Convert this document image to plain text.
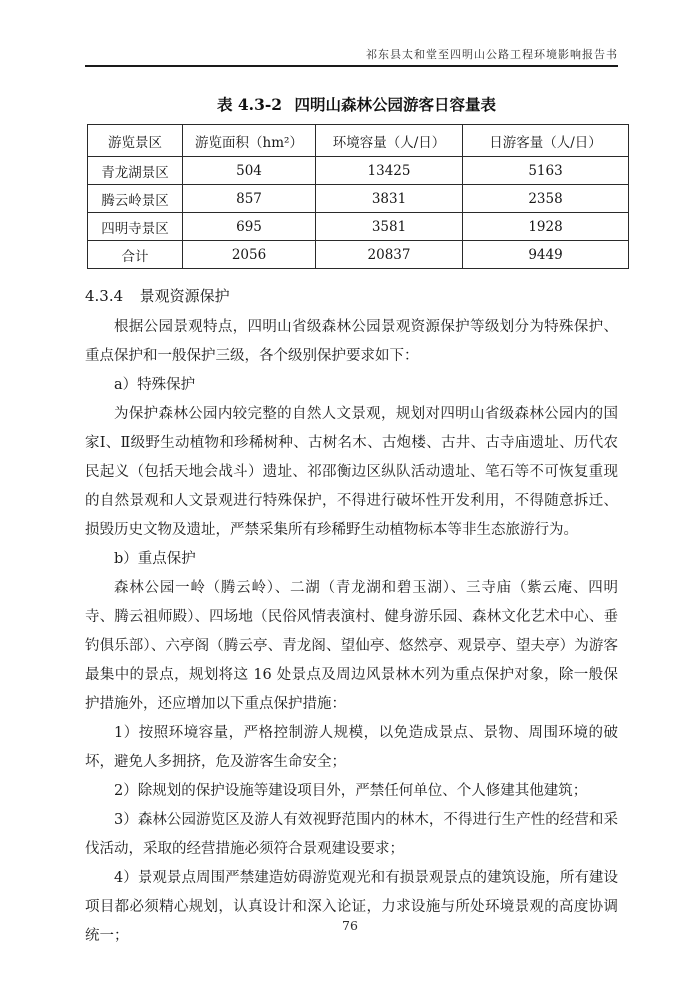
祁东县太和堂至四明山公路工程环境影响报告书
表 4.3-2 四明山森林公园游客日容量表
游览景区	游览面积（hm²）	环境容量（人/日）	日游客量（人/日）
青龙湖景区	504	13425	5163
腾云岭景区	857	3831	2358
四明寺景区	695	3581	1928
合计	2056	20837	9449
4.3.4 景观资源保护

根据公园景观特点，四明山省级森林公园景观资源保护等级划分为特殊保护、重点保护和一般保护三级，各个级别保护要求如下：

a）特殊保护

为保护森林公园内较完整的自然人文景观，规划对四明山省级森林公园内的国家Ⅰ、Ⅱ级野生动植物和珍稀树种、古树名木、古炮楼、古井、古寺庙遗址、历代农民起义（包括天地会战斗）遗址、祁邵衡边区纵队活动遗址、笔石等不可恢复重现的自然景观和人文景观进行特殊保护，不得进行破坏性开发利用，不得随意拆迁、损毁历史文物及遗址，严禁采集所有珍稀野生动植物标本等非生态旅游行为。

b）重点保护

森林公园一岭（腾云岭）、二湖（青龙湖和碧玉湖）、三寺庙（紫云庵、四明寺、腾云祖师殿）、四场地（民俗风情表演村、健身游乐园、森林文化艺术中心、垂钓俱乐部）、六亭阁（腾云亭、青龙阁、望仙亭、悠然亭、观景亭、望夫亭）为游客最集中的景点，规划将这 16 处景点及周边风景林木列为重点保护对象，除一般保护措施外，还应增加以下重点保护措施：

1）按照环境容量，严格控制游人规模，以免造成景点、景物、周围环境的破坏，避免人多拥挤，危及游客生命安全；

2）除规划的保护设施等建设项目外，严禁任何单位、个人修建其他建筑；

3）森林公园游览区及游人有效视野范围内的林木，不得进行生产性的经营和采伐活动，采取的经营措施必须符合景观建设要求；

4）景观景点周围严禁建造妨碍游览观光和有损景观景点的建筑设施，所有建设项目都必须精心规划，认真设计和深入论证，力求设施与所处环境景观的高度协调统一；

76
